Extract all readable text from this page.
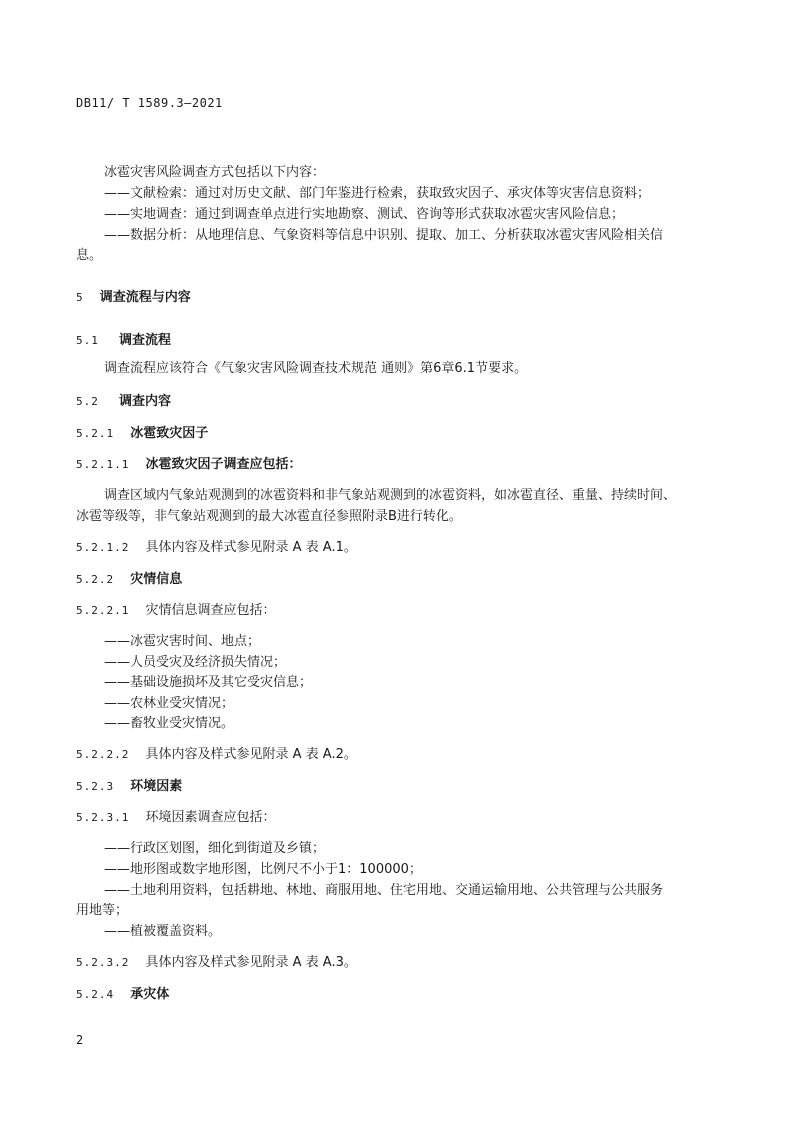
DB11/ T 1589.3—2021
冰雹灾害风险调查方式包括以下内容：
——文献检索：通过对历史文献、部门年鉴进行检索，获取致灾因子、承灾体等灾害信息资料；
——实地调查：通过到调查单点进行实地勘察、测试、咨询等形式获取冰雹灾害风险信息；
——数据分析：从地理信息、气象资料等信息中识别、提取、加工、分析获取冰雹灾害风险相关信
息。
5 调查流程与内容
5.1 调查流程
调查流程应该符合《气象灾害风险调查技术规范 通则》第6章6.1节要求。
5.2 调查内容
5.2.1 冰雹致灾因子
5.2.1.1 冰雹致灾因子调查应包括：
调查区域内气象站观测到的冰雹资料和非气象站观测到的冰雹资料，如冰雹直径、重量、持续时间、
冰雹等级等，非气象站观测到的最大冰雹直径参照附录B进行转化。
5.2.1.2 具体内容及样式参见附录 A 表 A.1。
5.2.2 灾情信息
5.2.2.1 灾情信息调查应包括：
——冰雹灾害时间、地点；
——人员受灾及经济损失情况；
——基础设施损坏及其它受灾信息；
——农林业受灾情况；
——畜牧业受灾情况。
5.2.2.2 具体内容及样式参见附录 A 表 A.2。
5.2.3 环境因素
5.2.3.1 环境因素调查应包括：
——行政区划图，细化到街道及乡镇；
——地形图或数字地形图，比例尺不小于1：100000；
——土地利用资料，包括耕地、林地、商服用地、住宅用地、交通运输用地、公共管理与公共服务
用地等；
——植被覆盖资料。
5.2.3.2 具体内容及样式参见附录 A 表 A.3。
5.2.4 承灾体
2
